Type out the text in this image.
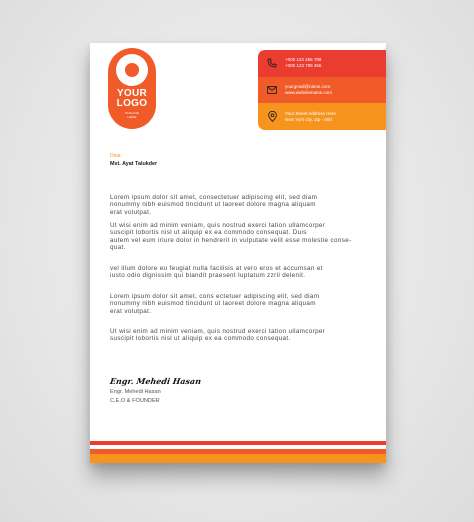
YOUR
LOGO
TAGLINE
HERE
+000 123 456 789
+000 123 789 456
yourgmail@name.com
www.websitename.com
Your Street Address Here
New York city, Zip - 000
Dear,
Mst. Ayat Talukder
Lorem ipsum dolor sit amet, consectetuer adipiscing elit, sed diam
nonummy nibh euismod tincidunt ut laoreet dolore magna aliquam
erat volutpat.
Ut wisi enim ad minim veniam, quis nostrud exerci tation ullamcorper
suscipit lobortis nisl ut aliquip ex ea commodo consequat. Duis
autem vel eum iriure dolor in hendrerit in vulputate velit esse molestie conse-
quat.
vel illum dolore eu feugiat nulla facilisis at vero eros et accumsan et
iusto odio dignissim qui blandit praesent luptatum zzril delenit.
Lorem ipsum dolor sit amet, cons ectetuer adipiscing elit, sed diam
nonummy nibh euismod tincidunt ut laoreet dolore magna aliquam
erat volutpat.
Ut wisi enim ad minim veniam, quis nostrud exerci tation ullamcorper
suscipit lobortis nisl ut aliquip ex ea commodo consequat.
Engr. Mehedi Hasan
Engr. Mehedi Hasan
C.E.O & FOUNDER
